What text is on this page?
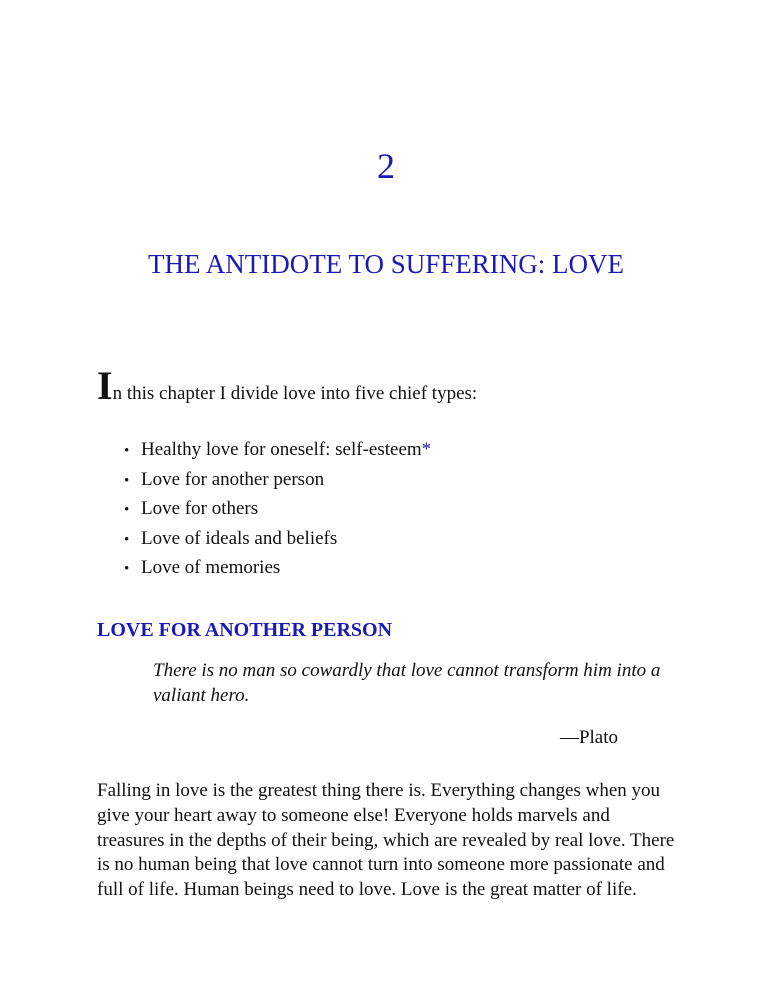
2
THE ANTIDOTE TO SUFFERING: LOVE

In this chapter I divide love into five chief types:

• Healthy love for oneself: self-esteem*
• Love for another person
• Love for others
• Love of ideals and beliefs
• Love of memories
LOVE FOR ANOTHER PERSON
There is no man so cowardly that love cannot transform him into a valiant hero.
—Plato
Falling in love is the greatest thing there is. Everything changes when you
give your heart away to someone else! Everyone holds marvels and
treasures in the depths of their being, which are revealed by real love. There
is no human being that love cannot turn into someone more passionate and
full of life. Human beings need to love. Love is the great matter of life.
